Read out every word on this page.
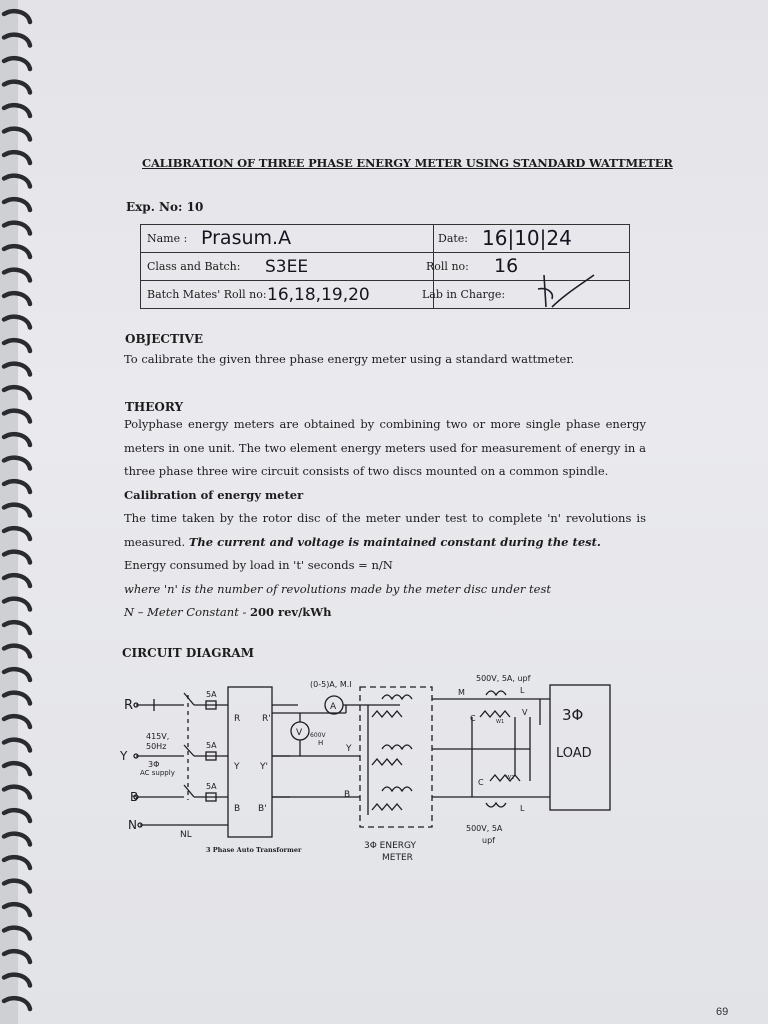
CALIBRATION OF THREE PHASE ENERGY METER USING STANDARD WATTMETER
Exp. No: 10
Name : Prasum.A	Date: 16|10|24

Class and Batch: S3EE	Roll no: 16

Batch Mates' Roll no: 16,18,19,20	Lab in Charge:
OBJECTIVE

To calibrate the given three phase energy meter using a standard wattmeter.

THEORY

Polyphase energy meters are obtained by combining two or more single phase energy meters in one unit. The two element energy meters used for measurement of energy in a three phase three wire circuit consists of two discs mounted on a common spindle.

Calibration of energy meter

The time taken by the rotor disc of the meter under test to complete 'n' revolutions is measured. The current and voltage is maintained constant during the test.

Energy consumed by load in 't' seconds = n/N

where 'n' is the number of revolutions made by the meter disc under test

N – Meter Constant - 200 rev/kWh

CIRCUIT DIAGRAM
R
Y
B
N
415V,
50Hz
3Φ
AC supply
5A
5A
5A
NL
R R'
Y Y'
B B'
3 Phase Auto Transformer
(0-5)A, M.I
A
V 600V
H
Y
B
3Φ ENERGY
METER
500V, 5A, upf
500V, 5A
upf
W1
W2
M	L
C
V
C
L
3Φ
LOAD
69
